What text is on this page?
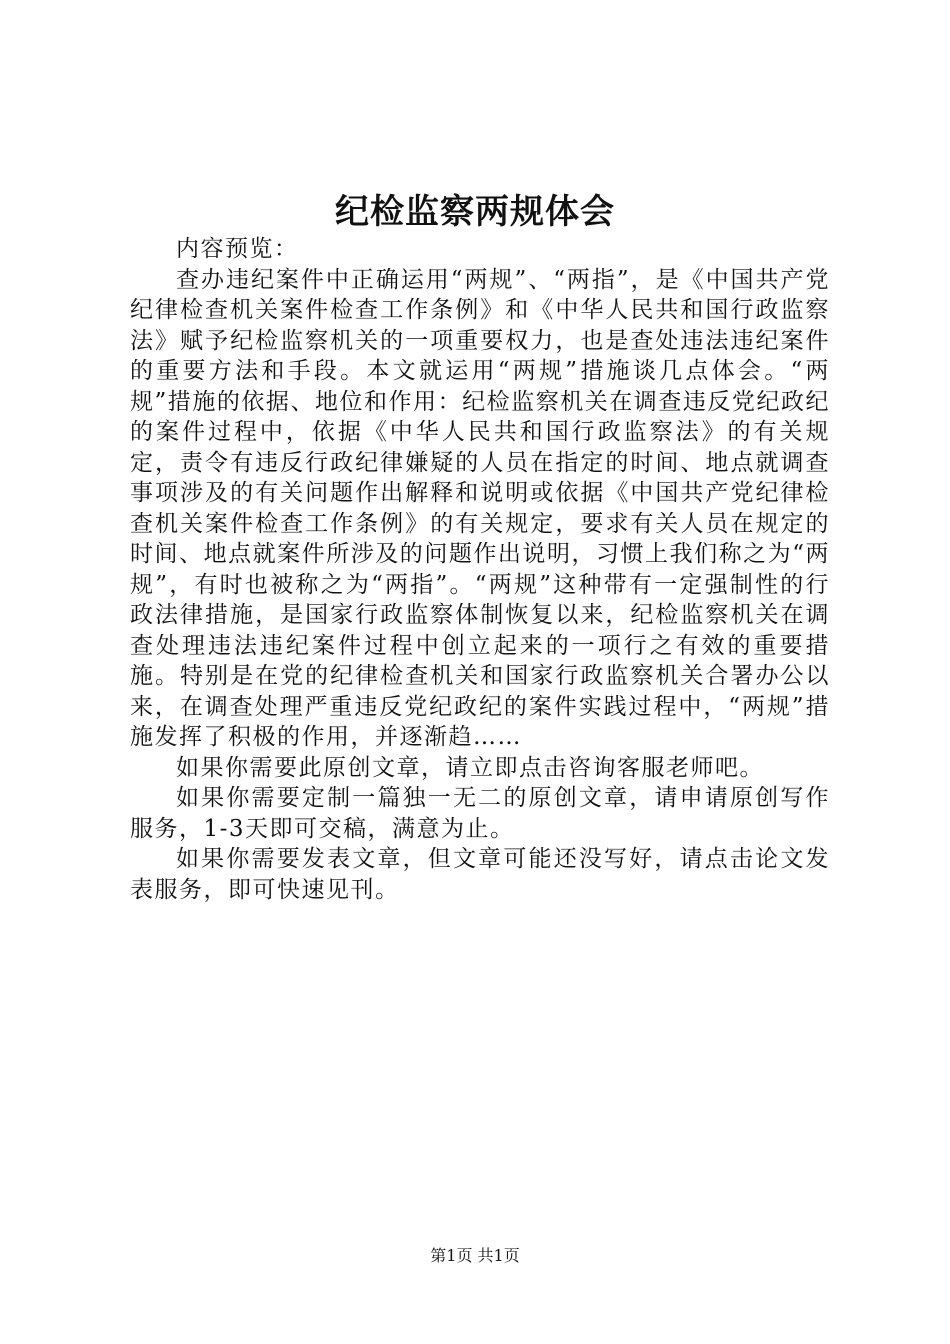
纪检监察两规体会

内容预览：

查办违纪案件中正确运用“两规”、“两指”，是《中国共产党纪律检查机关案件检查工作条例》和《中华人民共和国行政监察法》赋予纪检监察机关的一项重要权力，也是查处违法违纪案件的重要方法和手段。本文就运用“两规”措施谈几点体会。“两规”措施的依据、地位和作用：纪检监察机关在调查违反党纪政纪的案件过程中，依据《中华人民共和国行政监察法》的有关规定，责令有违反行政纪律嫌疑的人员在指定的时间、地点就调查事项涉及的有关问题作出解释和说明或依据《中国共产党纪律检查机关案件检查工作条例》的有关规定，要求有关人员在规定的时间、地点就案件所涉及的问题作出说明，习惯上我们称之为“两规”，有时也被称之为“两指”。“两规”这种带有一定强制性的行政法律措施，是国家行政监察体制恢复以来，纪检监察机关在调查处理违法违纪案件过程中创立起来的一项行之有效的重要措施。特别是在党的纪律检查机关和国家行政监察机关合署办公以来，在调查处理严重违反党纪政纪的案件实践过程中，“两规”措施发挥了积极的作用，并逐渐趋……

如果你需要此原创文章，请立即点击咨询客服老师吧。

如果你需要定制一篇独一无二的原创文章，请申请原创写作服务，1-3天即可交稿，满意为止。

如果你需要发表文章，但文章可能还没写好，请点击论文发表服务，即可快速见刊。

第1页 共1页
